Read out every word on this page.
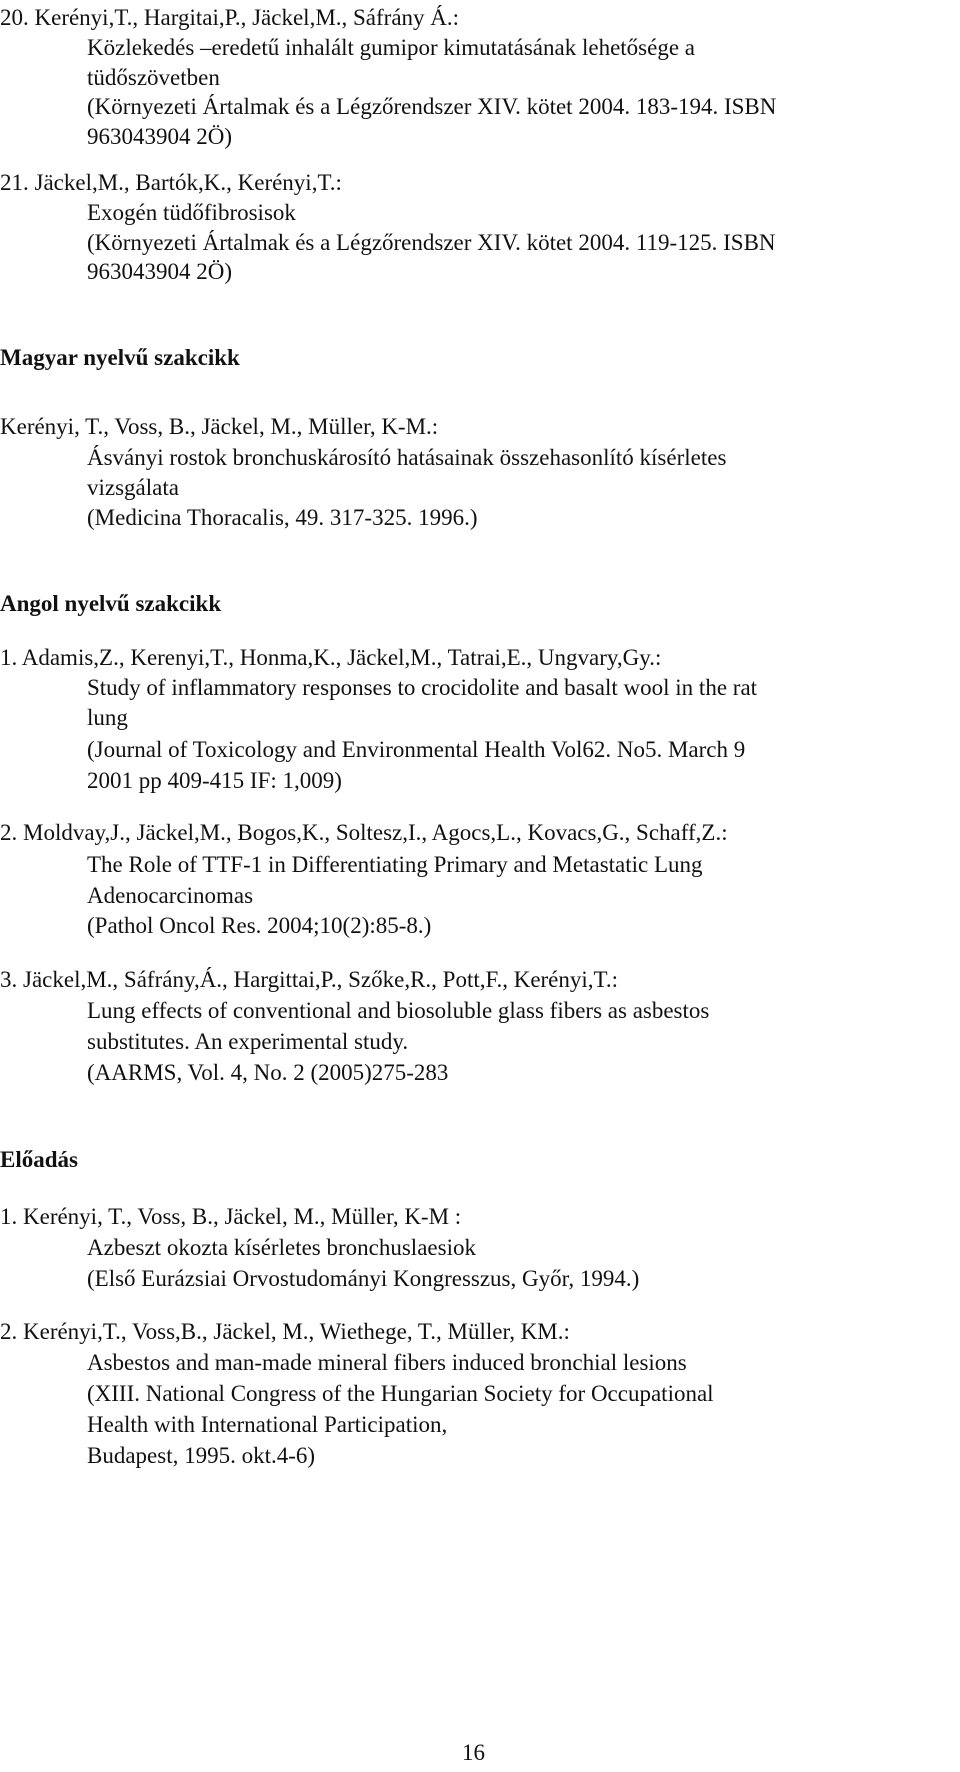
20. Kerényi,T., Hargitai,P., Jäckel,M., Sáfrány Á.:
Közlekedés –eredetű inhalált gumipor kimutatásának lehetősége a
tüdőszövetben
(Környezeti Ártalmak és a Légzőrendszer XIV. kötet 2004. 183-194. ISBN
963043904 2Ö)
21. Jäckel,M., Bartók,K., Kerényi,T.:
Exogén tüdőfibrosisok
(Környezeti Ártalmak és a Légzőrendszer XIV. kötet 2004. 119-125. ISBN
963043904 2Ö)
Magyar nyelvű szakcikk
Kerényi, T., Voss, B., Jäckel, M., Müller, K-M.:
Ásványi rostok bronchuskárosító hatásainak összehasonlító kísérletes
vizsgálata
(Medicina Thoracalis, 49. 317-325. 1996.)
Angol nyelvű szakcikk
1. Adamis,Z., Kerenyi,T., Honma,K., Jäckel,M., Tatrai,E., Ungvary,Gy.:
Study of inflammatory responses to crocidolite and basalt wool in the rat
lung
(Journal of Toxicology and Environmental Health Vol62. No5. March 9
2001 pp 409-415 IF: 1,009)
2. Moldvay,J., Jäckel,M., Bogos,K., Soltesz,I., Agocs,L., Kovacs,G., Schaff,Z.:
The Role of TTF-1 in Differentiating Primary and Metastatic Lung
Adenocarcinomas
(Pathol Oncol Res. 2004;10(2):85-8.)
3. Jäckel,M., Sáfrány,Á., Hargittai,P., Szőke,R., Pott,F., Kerényi,T.:
Lung effects of conventional and biosoluble glass fibers as asbestos
substitutes. An experimental study.
(AARMS, Vol. 4, No. 2 (2005)275-283
Előadás
1. Kerényi, T., Voss, B., Jäckel, M., Müller, K-M :
Azbeszt okozta kísérletes bronchuslaesiok
(Első Eurázsiai Orvostudományi Kongresszus, Győr, 1994.)
2. Kerényi,T., Voss,B., Jäckel, M., Wiethege, T., Müller, KM.:
Asbestos and man-made mineral fibers induced bronchial lesions
(XIII. National Congress of the Hungarian Society for Occupational
Health with International Participation,
Budapest, 1995. okt.4-6)
16
